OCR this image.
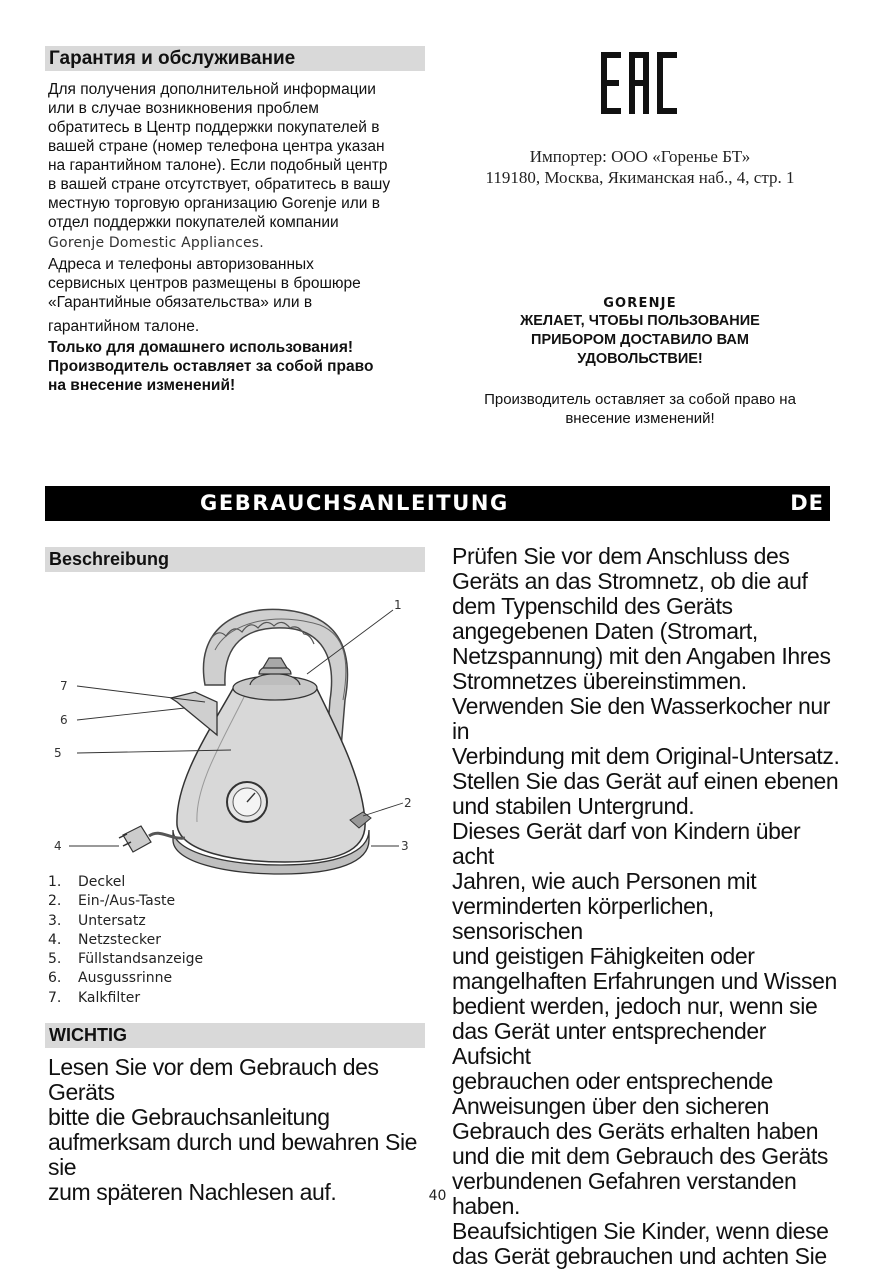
Гарантия и обслуживание

Для получения дополнительной информации

или в случае возникновения проблем

обратитесь в Центр поддержки покупателей в

вашей стране (номер телефона центра указан

на гарантийном талоне). Если подобный центр

в вашей стране отсутствует, обратитесь в вашу

местную торговую организацию Gorenje или в

отдел поддержки покупателей компании

Gorenje Domestic Appliances.

Адреса и телефоны авторизованных

сервисных центров размещены в брошюре

«Гарантийные обязательства» или в

гарантийном талоне.

Только для домашнего использования!

Производитель оставляет за собой право

на внесение изменений!

Импортер: ООО «Горенье БТ»
119180, Москва, Якиманская наб., 4, стр. 1
GORENJE
ЖЕЛАЕТ, ЧТОБЫ ПОЛЬЗОВАНИЕ
ПРИБОРОМ ДОСТАВИЛО ВАМ
УДОВОЛЬСТВИЕ!
Производитель оставляет за собой право на
внесение изменений!
GEBRAUCHSANLEITUNG	DE
Beschreibung
1
7
6
5
2
4	3
1. Deckel
2. Ein-/Aus-Taste
3. Untersatz
4. Netzstecker
5. Füllstandsanzeige
6. Ausgussrinne
7. Kalkfilter
WICHTIG
Lesen Sie vor dem Gebrauch des Geräts
bitte die Gebrauchsanleitung
aufmerksam durch und bewahren Sie sie
zum späteren Nachlesen auf.
Prüfen Sie vor dem Anschluss des
Geräts an das Stromnetz, ob die auf
dem Typenschild des Geräts
angegebenen Daten (Stromart,
Netzspannung) mit den Angaben Ihres
Stromnetzes übereinstimmen.
Verwenden Sie den Wasserkocher nur in
Verbindung mit dem Original-Untersatz.
Stellen Sie das Gerät auf einen ebenen
und stabilen Untergrund.
Dieses Gerät darf von Kindern über acht
Jahren, wie auch Personen mit
verminderten körperlichen, sensorischen
und geistigen Fähigkeiten oder
mangelhaften Erfahrungen und Wissen
bedient werden, jedoch nur, wenn sie
das Gerät unter entsprechender Aufsicht
gebrauchen oder entsprechende
Anweisungen über den sicheren
Gebrauch des Geräts erhalten haben
und die mit dem Gebrauch des Geräts
verbundenen Gefahren verstanden
haben.
Beaufsichtigen Sie Kinder, wenn diese
das Gerät gebrauchen und achten Sie
40
